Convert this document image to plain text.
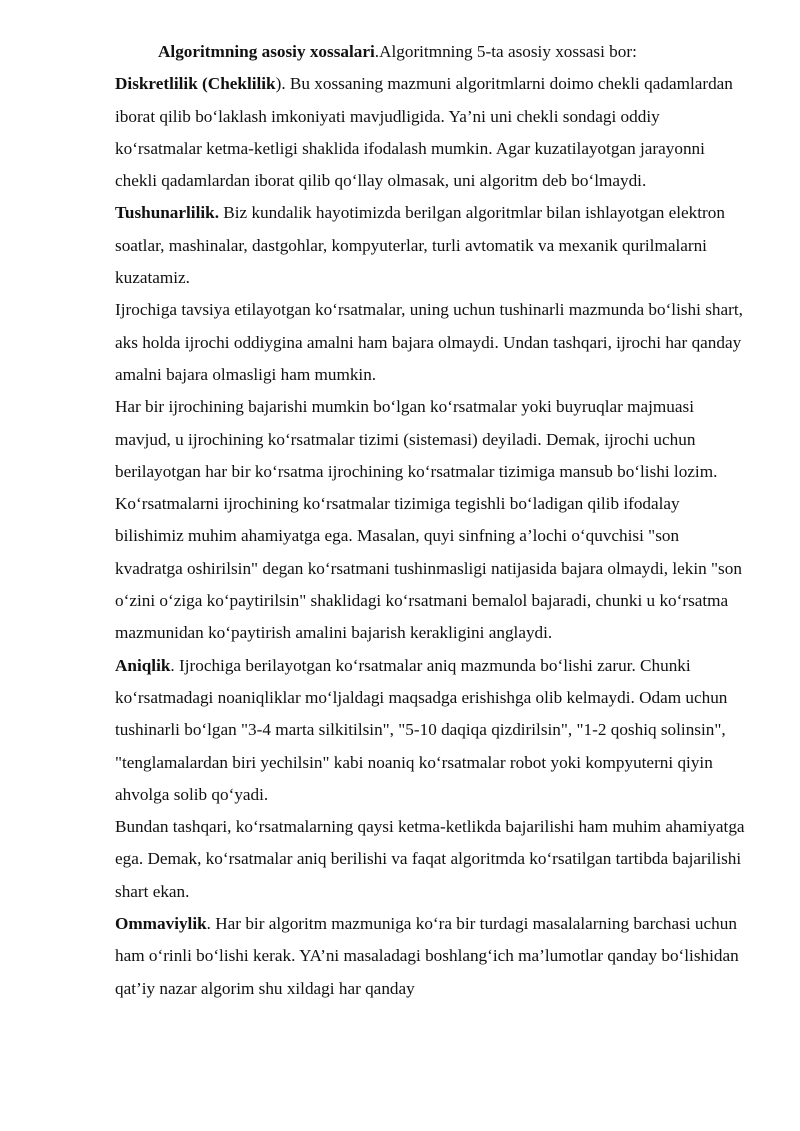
Algoritmning asosiy xossalari.Algoritmning 5-ta asosiy xossasi bor:

Diskretlilik (Cheklilik). Bu xossaning mazmuni algoritmlarni doimo chekli qadamlardan iborat qilib bo‘laklash imkoniyati mavjudligida. Ya’ni uni chekli sondagi oddiy ko‘rsatmalar ketma-ketligi shaklida ifodalash mumkin. Agar kuzatilayotgan jarayonni chekli qadamlardan iborat qilib qo‘llay olmasak, uni algoritm deb bo‘lmaydi.

Tushunarlilik. Biz kundalik hayotimizda berilgan algoritmlar bilan ishlayotgan elektron soatlar, mashinalar, dastgohlar, kompyuterlar, turli avtomatik va mexanik qurilmalarni kuzatamiz.

Ijrochiga tavsiya etilayotgan ko‘rsatmalar, uning uchun tushinarli mazmunda bo‘lishi shart, aks holda ijrochi oddiygina amalni ham bajara olmaydi. Undan tashqari, ijrochi har qanday amalni bajara olmasligi ham mumkin.

Har bir ijrochining bajarishi mumkin bo‘lgan ko‘rsatmalar yoki buyruqlar majmuasi mavjud, u ijrochining ko‘rsatmalar tizimi (sistemasi) deyiladi. Demak, ijrochi uchun berilayotgan har bir ko‘rsatma ijrochining ko‘rsatmalar tizimiga mansub bo‘lishi lozim.

Ko‘rsatmalarni ijrochining ko‘rsatmalar tizimiga tegishli bo‘ladigan qilib ifodalay bilishimiz muhim ahamiyatga ega. Masalan, quyi sinfning a’lochi o‘quvchisi "son kvadratga oshirilsin" degan ko‘rsatmani tushinmasligi natijasida bajara olmaydi, lekin "son o‘zini o‘ziga ko‘paytirilsin" shaklidagi ko‘rsatmani bemalol bajaradi, chunki u ko‘rsatma mazmunidan ko‘paytirish amalini bajarish kerakligini anglaydi.

Aniqlik. Ijrochiga berilayotgan ko‘rsatmalar aniq mazmunda bo‘lishi zarur. Chunki ko‘rsatmadagi noaniqliklar mo‘ljaldagi maqsadga erishishga olib kelmaydi. Odam uchun tushinarli bo‘lgan "3-4 marta silkitilsin", "5-10 daqiqa qizdirilsin", "1-2 qoshiq solinsin", "tenglamalardan biri yechilsin" kabi noaniq ko‘rsatmalar robot yoki kompyuterni qiyin ahvolga solib qo‘yadi.

Bundan tashqari, ko‘rsatmalarning qaysi ketma-ketlikda bajarilishi ham muhim ahamiyatga ega. Demak, ko‘rsatmalar aniq berilishi va faqat algoritmda ko‘rsatilgan tartibda bajarilishi shart ekan.

Ommaviylik. Har bir algoritm mazmuniga ko‘ra bir turdagi masalalarning barchasi uchun ham o‘rinli bo‘lishi kerak. YA’ni masaladagi boshlang‘ich ma’lumotlar qanday bo‘lishidan qat’iy nazar algorim shu xildagi har qanday
